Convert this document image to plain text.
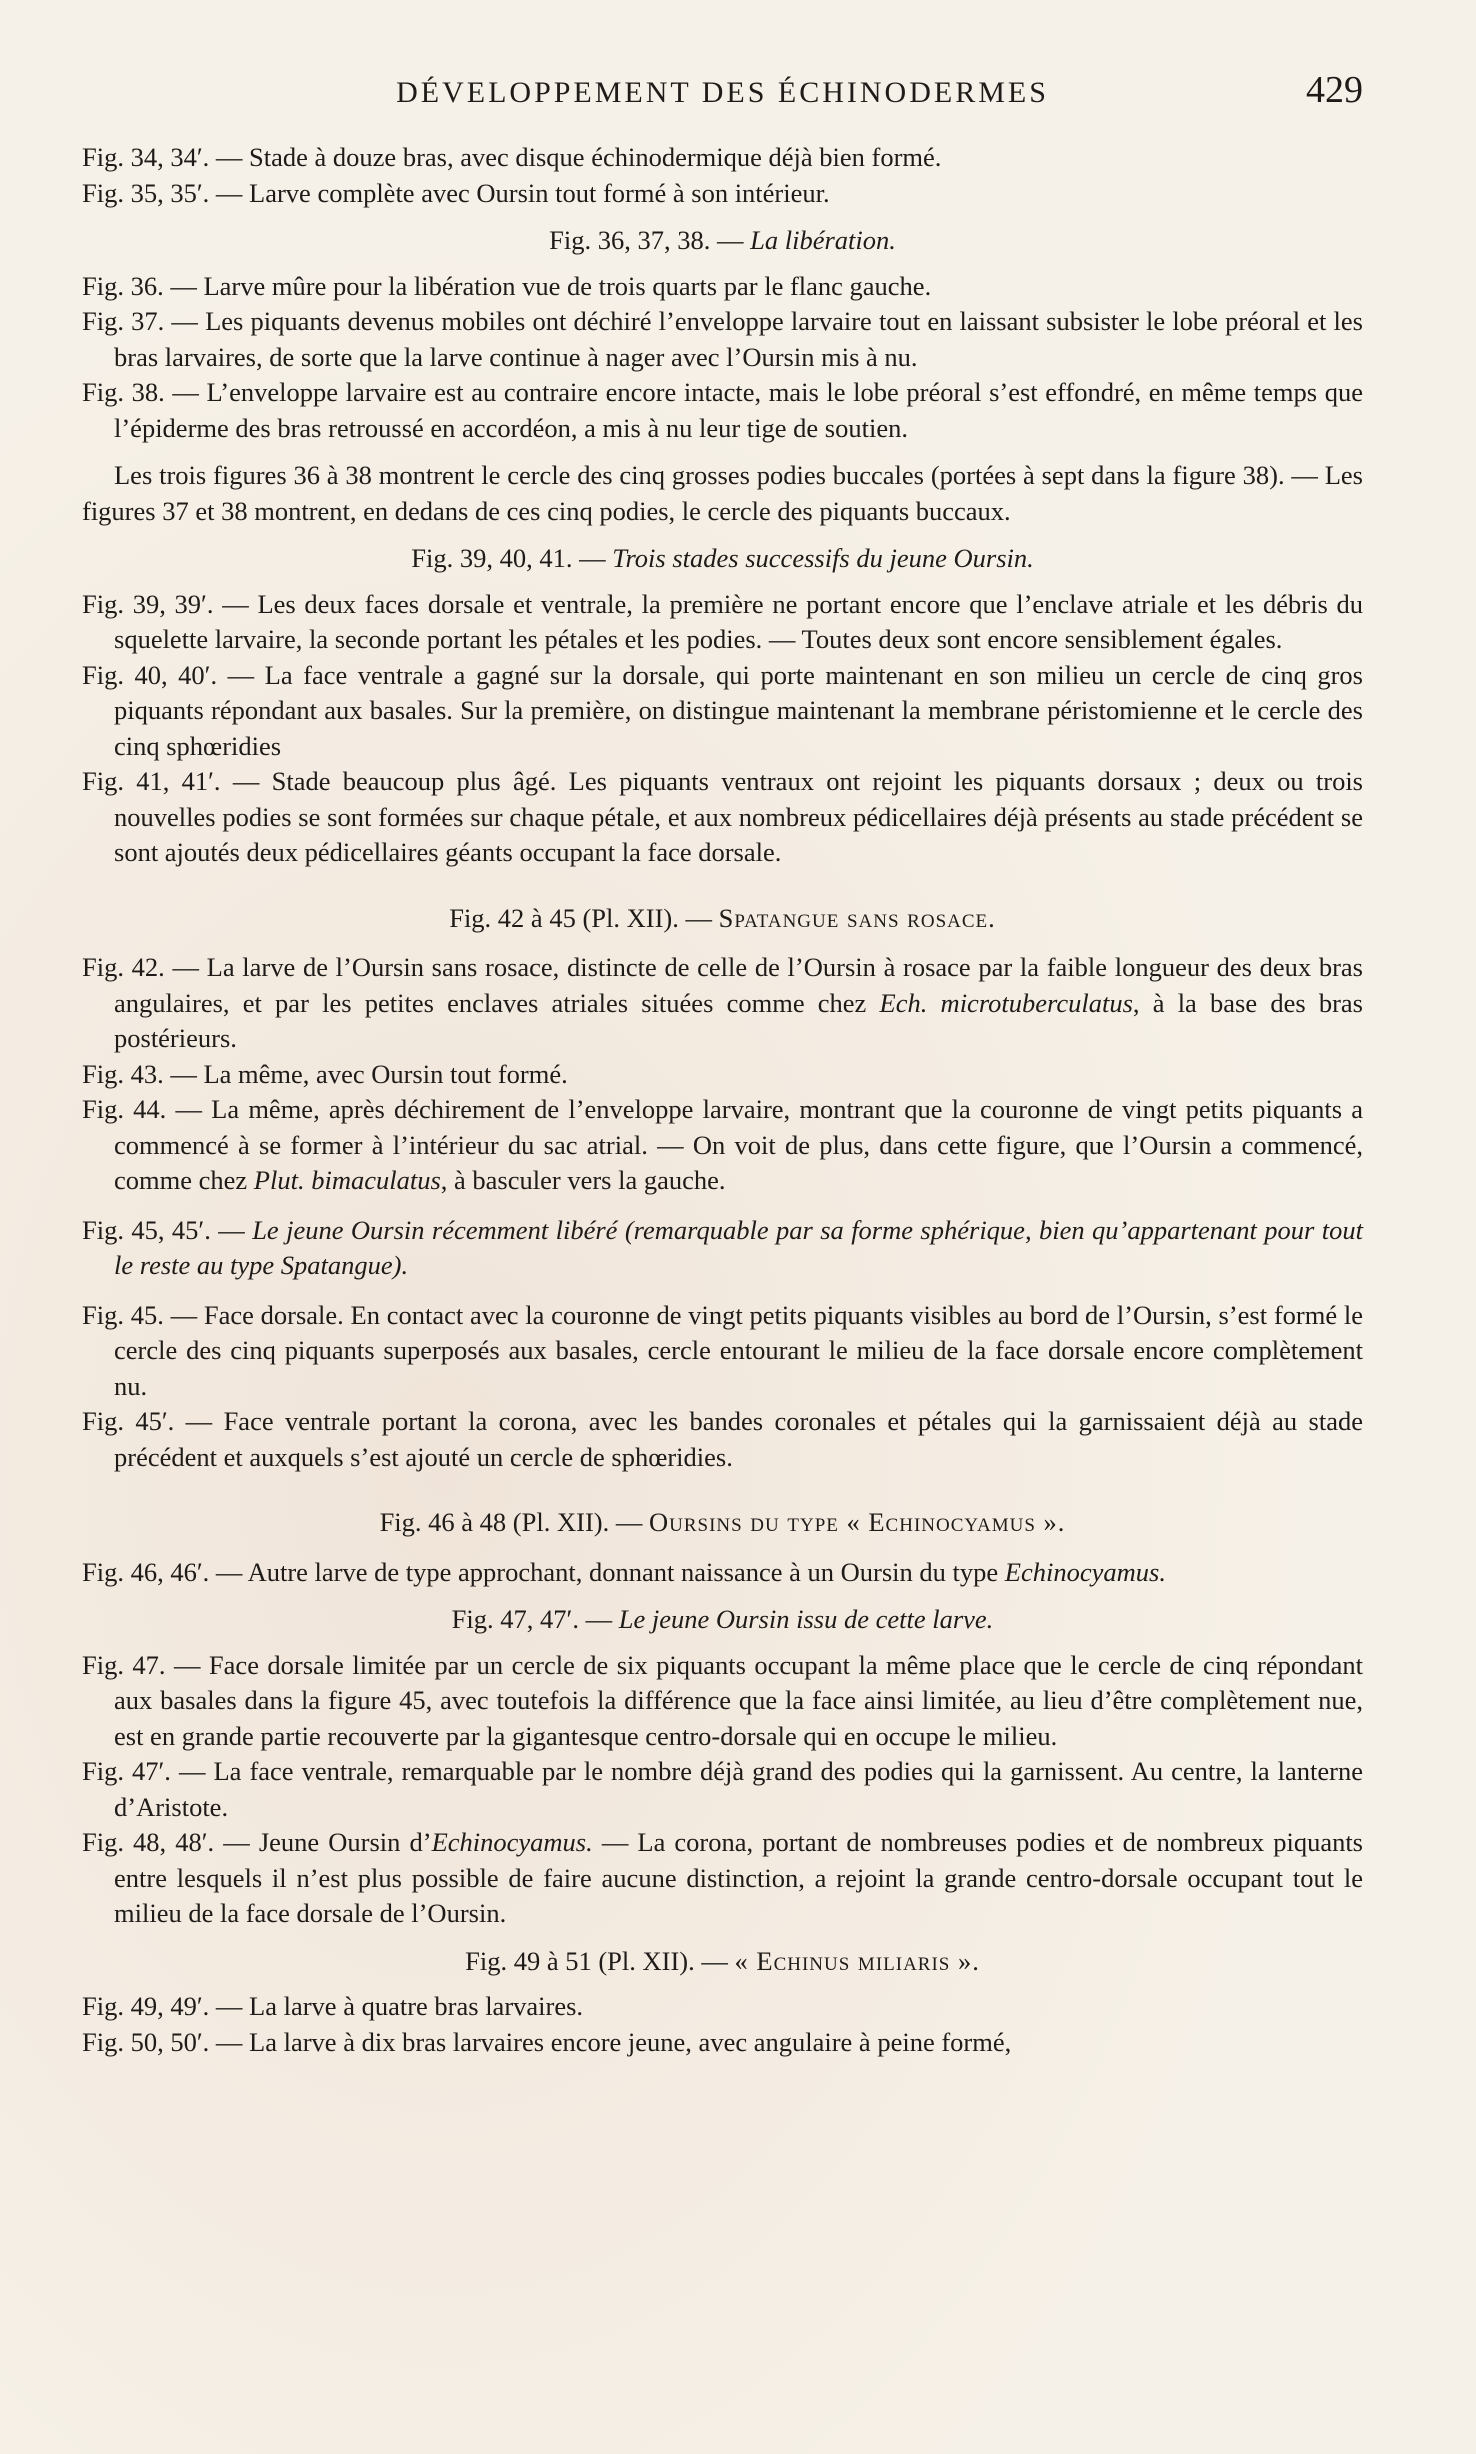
DÉVELOPPEMENT DES ÉCHINODERMES	429

Fig. 34, 34′. — Stade à douze bras, avec disque échinodermique déjà bien formé.

Fig. 35, 35′. — Larve complète avec Oursin tout formé à son intérieur.

Fig. 36, 37, 38. — La libération.

Fig. 36. — Larve mûre pour la libération vue de trois quarts par le flanc gauche.

Fig. 37. — Les piquants devenus mobiles ont déchiré l’enveloppe larvaire tout en laissant subsister le lobe préoral et les bras larvaires, de sorte que la larve continue à nager avec l’Oursin mis à nu.

Fig. 38. — L’enveloppe larvaire est au contraire encore intacte, mais le lobe préoral s’est effondré, en même temps que l’épiderme des bras retroussé en accordéon, a mis à nu leur tige de soutien.

Les trois figures 36 à 38 montrent le cercle des cinq grosses podies buccales (portées à sept dans la figure 38). — Les figures 37 et 38 montrent, en dedans de ces cinq podies, le cercle des piquants buccaux.

Fig. 39, 40, 41. — Trois stades successifs du jeune Oursin.

Fig. 39, 39′. — Les deux faces dorsale et ventrale, la première ne portant encore que l’enclave atriale et les débris du squelette larvaire, la seconde portant les pétales et les podies. — Toutes deux sont encore sensiblement égales.

Fig. 40, 40′. — La face ventrale a gagné sur la dorsale, qui porte maintenant en son milieu un cercle de cinq gros piquants répondant aux basales. Sur la première, on distingue maintenant la membrane péristomienne et le cercle des cinq sphœridies

Fig. 41, 41′. — Stade beaucoup plus âgé. Les piquants ventraux ont rejoint les piquants dorsaux ; deux ou trois nouvelles podies se sont formées sur chaque pétale, et aux nombreux pédicellaires déjà présents au stade précédent se sont ajoutés deux pédicellaires géants occupant la face dorsale.

Fig. 42 à 45 (Pl. XII). — Spatangue sans rosace.

Fig. 42. — La larve de l’Oursin sans rosace, distincte de celle de l’Oursin à rosace par la faible longueur des deux bras angulaires, et par les petites enclaves atriales situées comme chez Ech. microtuberculatus, à la base des bras postérieurs.

Fig. 43. — La même, avec Oursin tout formé.

Fig. 44. — La même, après déchirement de l’enveloppe larvaire, montrant que la couronne de vingt petits piquants a commencé à se former à l’intérieur du sac atrial. — On voit de plus, dans cette figure, que l’Oursin a commencé, comme chez Plut. bimaculatus, à basculer vers la gauche.

Fig. 45, 45′. — Le jeune Oursin récemment libéré (remarquable par sa forme sphérique, bien qu’appartenant pour tout le reste au type Spatangue).

Fig. 45. — Face dorsale. En contact avec la couronne de vingt petits piquants visibles au bord de l’Oursin, s’est formé le cercle des cinq piquants superposés aux basales, cercle entourant le milieu de la face dorsale encore complètement nu.

Fig. 45′. — Face ventrale portant la corona, avec les bandes coronales et pétales qui la garnissaient déjà au stade précédent et auxquels s’est ajouté un cercle de sphœridies.

Fig. 46 à 48 (Pl. XII). — Oursins du type « Echinocyamus ».

Fig. 46, 46′. — Autre larve de type approchant, donnant naissance à un Oursin du type Echinocyamus.

Fig. 47, 47′. — Le jeune Oursin issu de cette larve.

Fig. 47. — Face dorsale limitée par un cercle de six piquants occupant la même place que le cercle de cinq répondant aux basales dans la figure 45, avec toutefois la différence que la face ainsi limitée, au lieu d’être complètement nue, est en grande partie recouverte par la gigantesque centro-dorsale qui en occupe le milieu.

Fig. 47′. — La face ventrale, remarquable par le nombre déjà grand des podies qui la garnissent. Au centre, la lanterne d’Aristote.

Fig. 48, 48′. — Jeune Oursin d’Echinocyamus. — La corona, portant de nombreuses podies et de nombreux piquants entre lesquels il n’est plus possible de faire aucune distinction, a rejoint la grande centro-dorsale occupant tout le milieu de la face dorsale de l’Oursin.

Fig. 49 à 51 (Pl. XII). — « Echinus miliaris ».

Fig. 49, 49′. — La larve à quatre bras larvaires.

Fig. 50, 50′. — La larve à dix bras larvaires encore jeune, avec angulaire à peine formé,
